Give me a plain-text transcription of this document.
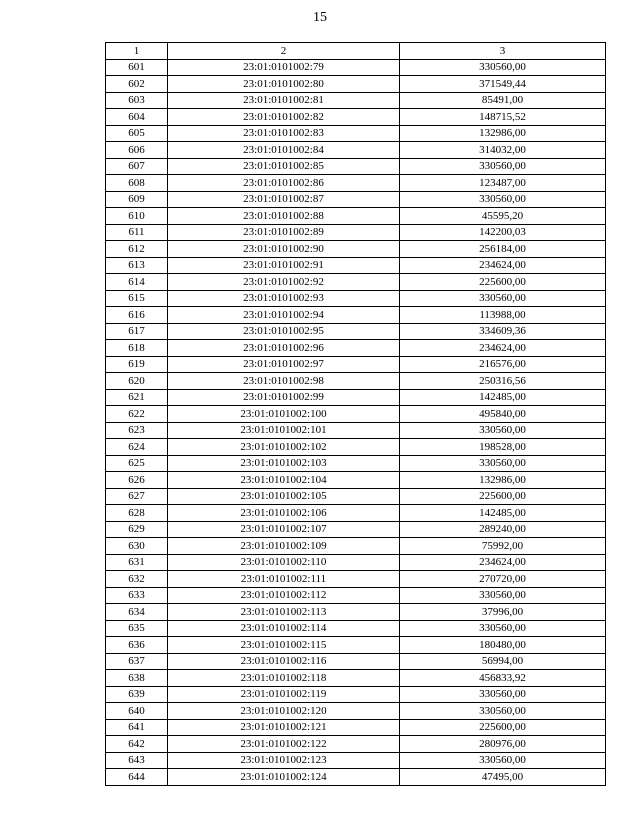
15
1	2	3
601	23:01:0101002:79	330560,00
602	23:01:0101002:80	371549,44
603	23:01:0101002:81	85491,00
604	23:01:0101002:82	148715,52
605	23:01:0101002:83	132986,00
606	23:01:0101002:84	314032,00
607	23:01:0101002:85	330560,00
608	23:01:0101002:86	123487,00
609	23:01:0101002:87	330560,00
610	23:01:0101002:88	45595,20
611	23:01:0101002:89	142200,03
612	23:01:0101002:90	256184,00
613	23:01:0101002:91	234624,00
614	23:01:0101002:92	225600,00
615	23:01:0101002:93	330560,00
616	23:01:0101002:94	113988,00
617	23:01:0101002:95	334609,36
618	23:01:0101002:96	234624,00
619	23:01:0101002:97	216576,00
620	23:01:0101002:98	250316,56
621	23:01:0101002:99	142485,00
622	23:01:0101002:100	495840,00
623	23:01:0101002:101	330560,00
624	23:01:0101002:102	198528,00
625	23:01:0101002:103	330560,00
626	23:01:0101002:104	132986,00
627	23:01:0101002:105	225600,00
628	23:01:0101002:106	142485,00
629	23:01:0101002:107	289240,00
630	23:01:0101002:109	75992,00
631	23:01:0101002:110	234624,00
632	23:01:0101002:111	270720,00
633	23:01:0101002:112	330560,00
634	23:01:0101002:113	37996,00
635	23:01:0101002:114	330560,00
636	23:01:0101002:115	180480,00
637	23:01:0101002:116	56994,00
638	23:01:0101002:118	456833,92
639	23:01:0101002:119	330560,00
640	23:01:0101002:120	330560,00
641	23:01:0101002:121	225600,00
642	23:01:0101002:122	280976,00
643	23:01:0101002:123	330560,00
644	23:01:0101002:124	47495,00
